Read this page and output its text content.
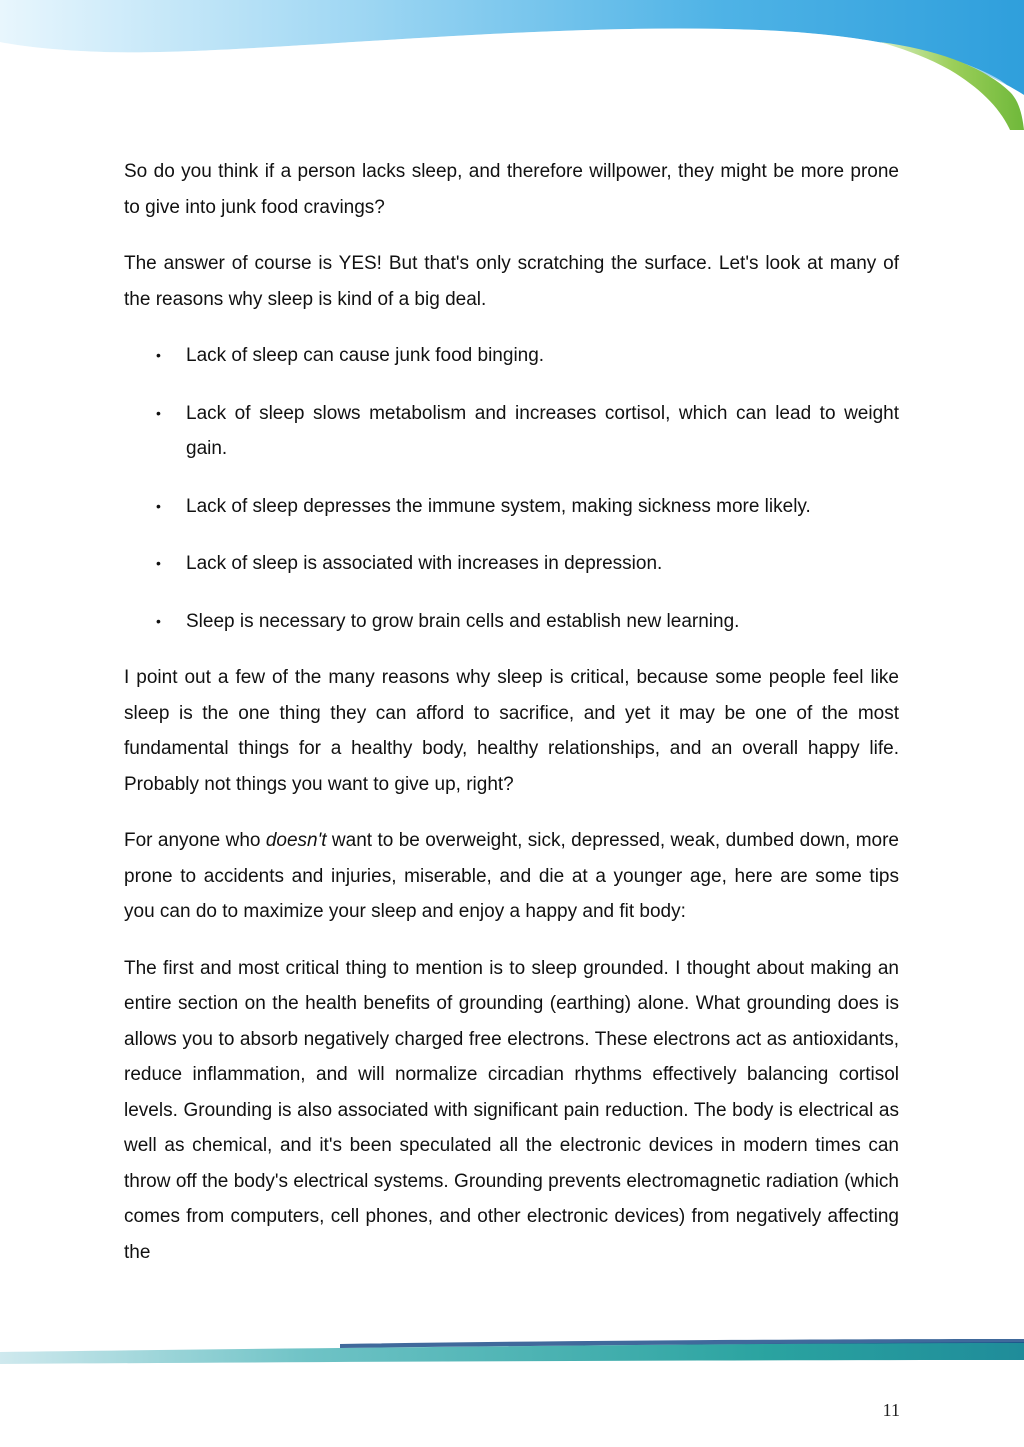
So do you think if a person lacks sleep, and therefore willpower, they might be more prone to give into junk food cravings?

The answer of course is YES! But that's only scratching the surface. Let's look at many of the reasons why sleep is kind of a big deal.

• Lack of sleep can cause junk food binging.
• Lack of sleep slows metabolism and increases cortisol, which can lead to weight gain.
• Lack of sleep depresses the immune system, making sickness more likely.
• Lack of sleep is associated with increases in depression.
• Sleep is necessary to grow brain cells and establish new learning.

I point out a few of the many reasons why sleep is critical, because some people feel like sleep is the one thing they can afford to sacrifice, and yet it may be one of the most fundamental things for a healthy body, healthy relationships, and an overall happy life. Probably not things you want to give up, right?

For anyone who doesn't want to be overweight, sick, depressed, weak, dumbed down, more prone to accidents and injuries, miserable, and die at a younger age, here are some tips you can do to maximize your sleep and enjoy a happy and fit body:

The first and most critical thing to mention is to sleep grounded. I thought about making an entire section on the health benefits of grounding (earthing) alone. What grounding does is allows you to absorb negatively charged free electrons. These electrons act as antioxidants, reduce inflammation, and will normalize circadian rhythms effectively balancing cortisol levels. Grounding is also associated with significant pain reduction. The body is electrical as well as chemical, and it's been speculated all the electronic devices in modern times can throw off the body's electrical systems. Grounding prevents electromagnetic radiation (which comes from computers, cell phones, and other electronic devices) from negatively affecting the

11
